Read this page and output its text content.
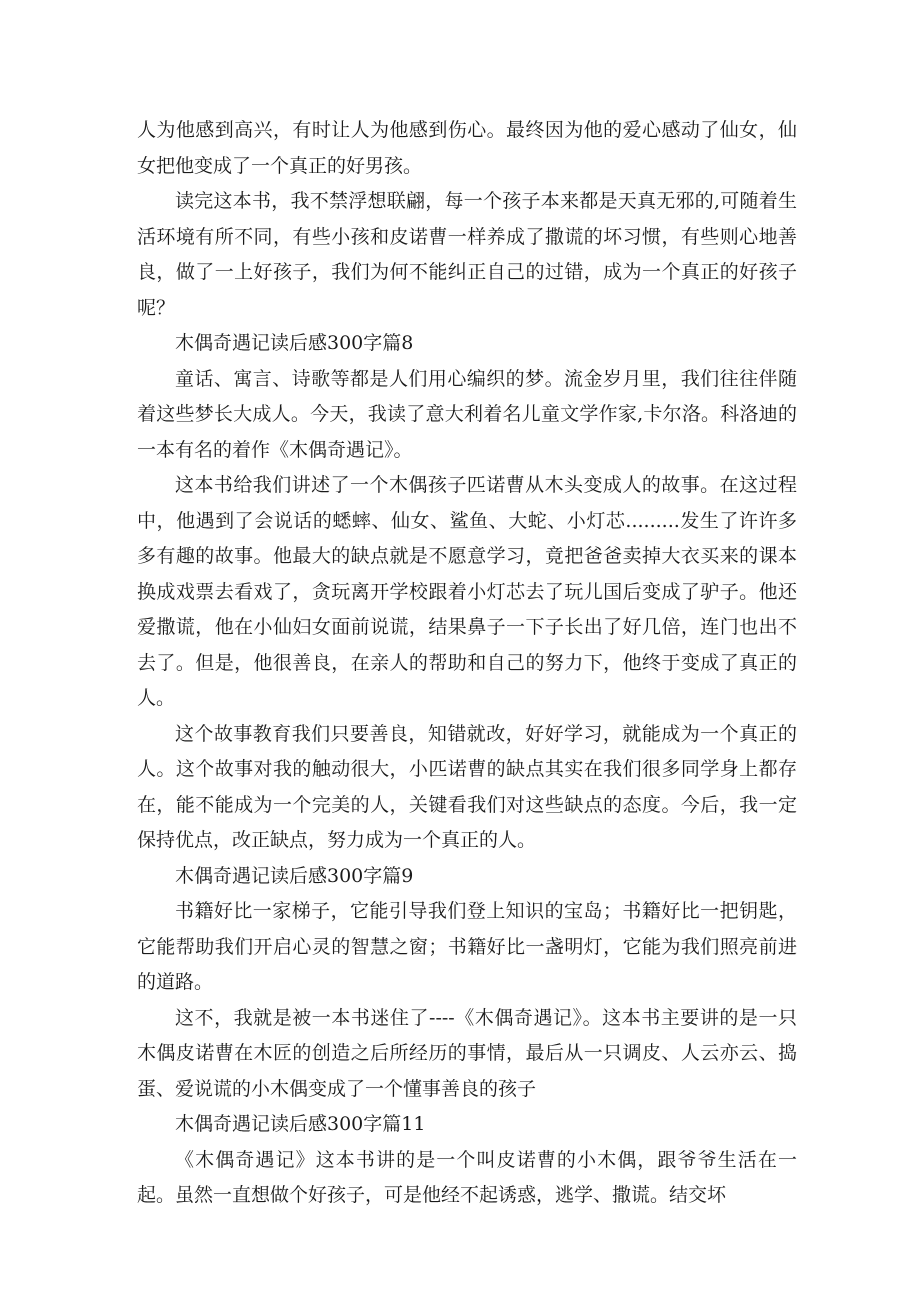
人为他感到高兴，有时让人为他感到伤心。最终因为他的爱心感动了仙女，仙女把他变成了一个真正的好男孩。

读完这本书，我不禁浮想联翩，每一个孩子本来都是天真无邪的,可随着生活环境有所不同，有些小孩和皮诺曹一样养成了撒谎的坏习惯，有些则心地善良，做了一上好孩子，我们为何不能纠正自己的过错，成为一个真正的好孩子呢？

木偶奇遇记读后感300字篇8

童话、寓言、诗歌等都是人们用心编织的梦。流金岁月里，我们往往伴随着这些梦长大成人。今天，我读了意大利着名儿童文学作家,卡尔洛。科洛迪的一本有名的着作《木偶奇遇记》。

这本书给我们讲述了一个木偶孩子匹诺曹从木头变成人的故事。在这过程中，他遇到了会说话的蟋蟀、仙女、鲨鱼、大蛇、小灯芯.........发生了许许多多有趣的故事。他最大的缺点就是不愿意学习，竟把爸爸卖掉大衣买来的课本换成戏票去看戏了，贪玩离开学校跟着小灯芯去了玩儿国后变成了驴子。他还爱撒谎，他在小仙妇女面前说谎，结果鼻子一下子长出了好几倍，连门也出不去了。但是，他很善良，在亲人的帮助和自己的努力下，他终于变成了真正的人。

这个故事教育我们只要善良，知错就改，好好学习，就能成为一个真正的人。这个故事对我的触动很大，小匹诺曹的缺点其实在我们很多同学身上都存在，能不能成为一个完美的人，关键看我们对这些缺点的态度。今后，我一定保持优点，改正缺点，努力成为一个真正的人。

木偶奇遇记读后感300字篇9

书籍好比一家梯子，它能引导我们登上知识的宝岛；书籍好比一把钥匙，它能帮助我们开启心灵的智慧之窗；书籍好比一盏明灯，它能为我们照亮前进的道路。

这不，我就是被一本书迷住了----《木偶奇遇记》。这本书主要讲的是一只木偶皮诺曹在木匠的创造之后所经历的事情，最后从一只调皮、人云亦云、捣蛋、爱说谎的小木偶变成了一个懂事善良的孩子

木偶奇遇记读后感300字篇11

《木偶奇遇记》这本书讲的是一个叫皮诺曹的小木偶，跟爷爷生活在一起。虽然一直想做个好孩子，可是他经不起诱惑，逃学、撒谎。结交坏
